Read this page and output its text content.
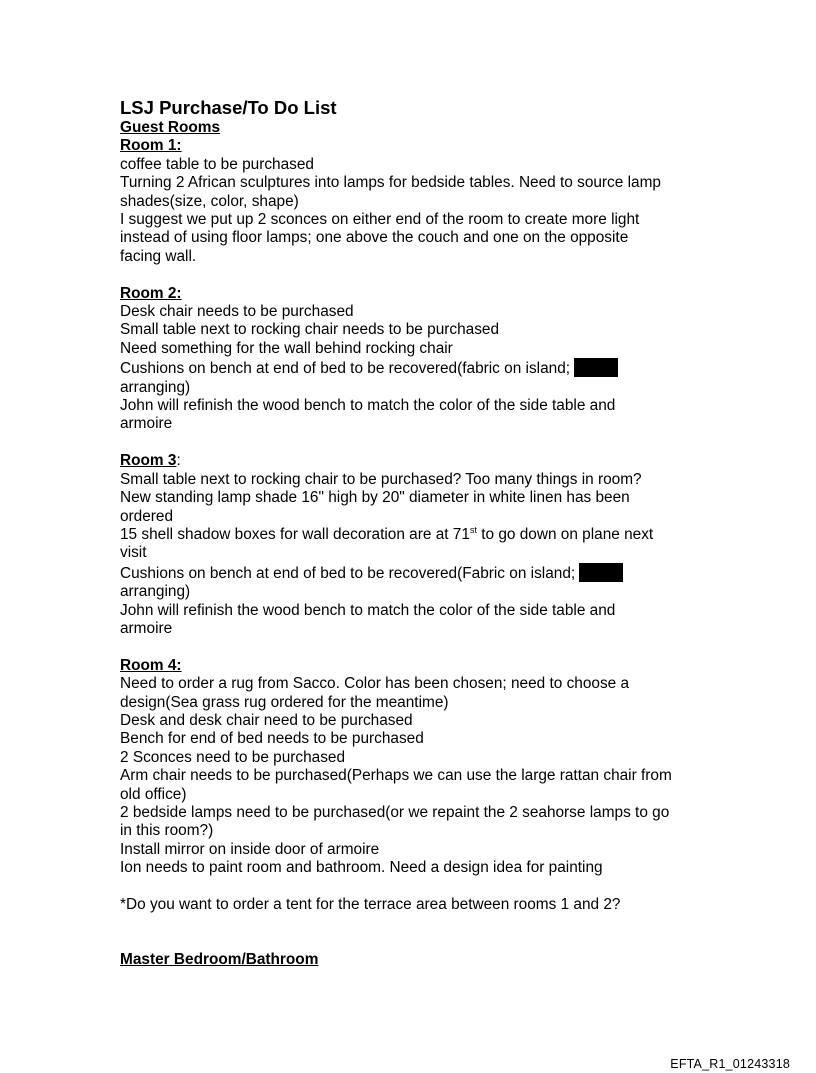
LSJ Purchase/To Do List

Guest Rooms

Room 1:

coffee table to be purchased

Turning 2 African sculptures into lamps for bedside tables. Need to source lamp

shades(size, color, shape)

I suggest we put up 2 sconces on either end of the room to create more light

instead of using floor lamps; one above the couch and one on the opposite

facing wall.

Room 2:

Desk chair needs to be purchased

Small table next to rocking chair needs to be purchased

Need something for the wall behind rocking chair

Cushions on bench at end of bed to be recovered(fabric on island;

arranging)

John will refinish the wood bench to match the color of the side table and

armoire

Room 3:

Small table next to rocking chair to be purchased? Too many things in room?

New standing lamp shade 16" high by 20" diameter in white linen has been

ordered

15 shell shadow boxes for wall decoration are at 71st to go down on plane next

visit

Cushions on bench at end of bed to be recovered(Fabric on island;

arranging)

John will refinish the wood bench to match the color of the side table and

armoire

Room 4:

Need to order a rug from Sacco. Color has been chosen; need to choose a

design(Sea grass rug ordered for the meantime)

Desk and desk chair need to be purchased

Bench for end of bed needs to be purchased

2 Sconces need to be purchased

Arm chair needs to be purchased(Perhaps we can use the large rattan chair from

old office)

2 bedside lamps need to be purchased(or we repaint the 2 seahorse lamps to go

in this room?)

Install mirror on inside door of armoire

Ion needs to paint room and bathroom. Need a design idea for painting

*Do you want to order a tent for the terrace area between rooms 1 and 2?

Master Bedroom/Bathroom

EFTA_R1_01243318
